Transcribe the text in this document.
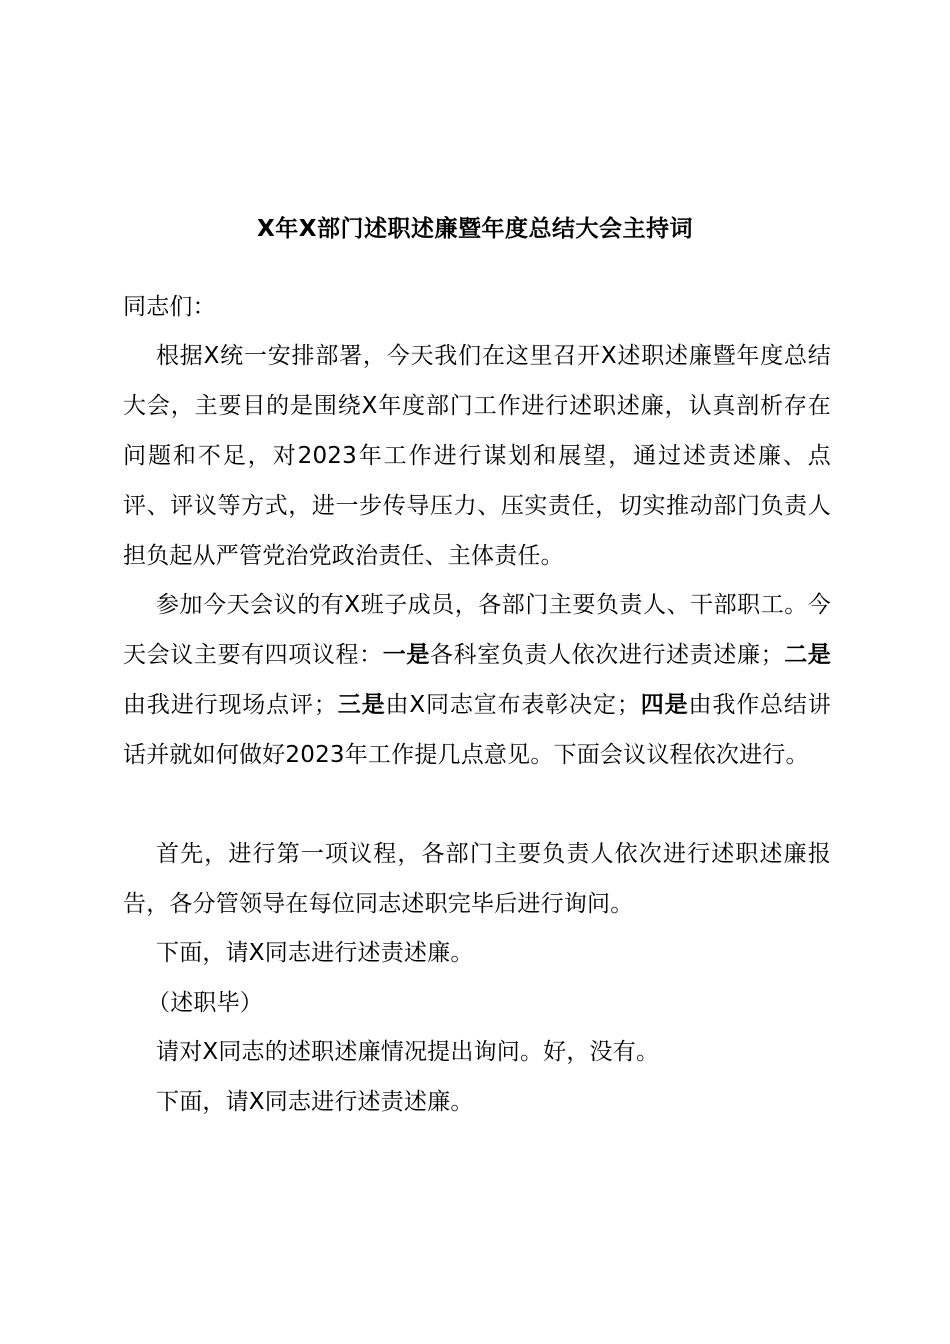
X年X部门述职述廉暨年度总结大会主持词
同志们：
根据X统一安排部署，今天我们在这里召开X述职述廉暨年度总结大会，主要目的是围绕X年度部门工作进行述职述廉，认真剖析存在问题和不足，对2023年工作进行谋划和展望，通过述责述廉、点评、评议等方式，进一步传导压力、压实责任，切实推动部门负责人担负起从严管党治党政治责任、主体责任。
参加今天会议的有X班子成员，各部门主要负责人、干部职工。今天会议主要有四项议程：一是各科室负责人依次进行述责述廉；二是由我进行现场点评；三是由X同志宣布表彰决定；四是由我作总结讲话并就如何做好2023年工作提几点意见。下面会议议程依次进行。
首先，进行第一项议程，各部门主要负责人依次进行述职述廉报告，各分管领导在每位同志述职完毕后进行询问。
下面，请X同志进行述责述廉。
（述职毕）
请对X同志的述职述廉情况提出询问。好，没有。
下面，请X同志进行述责述廉。
